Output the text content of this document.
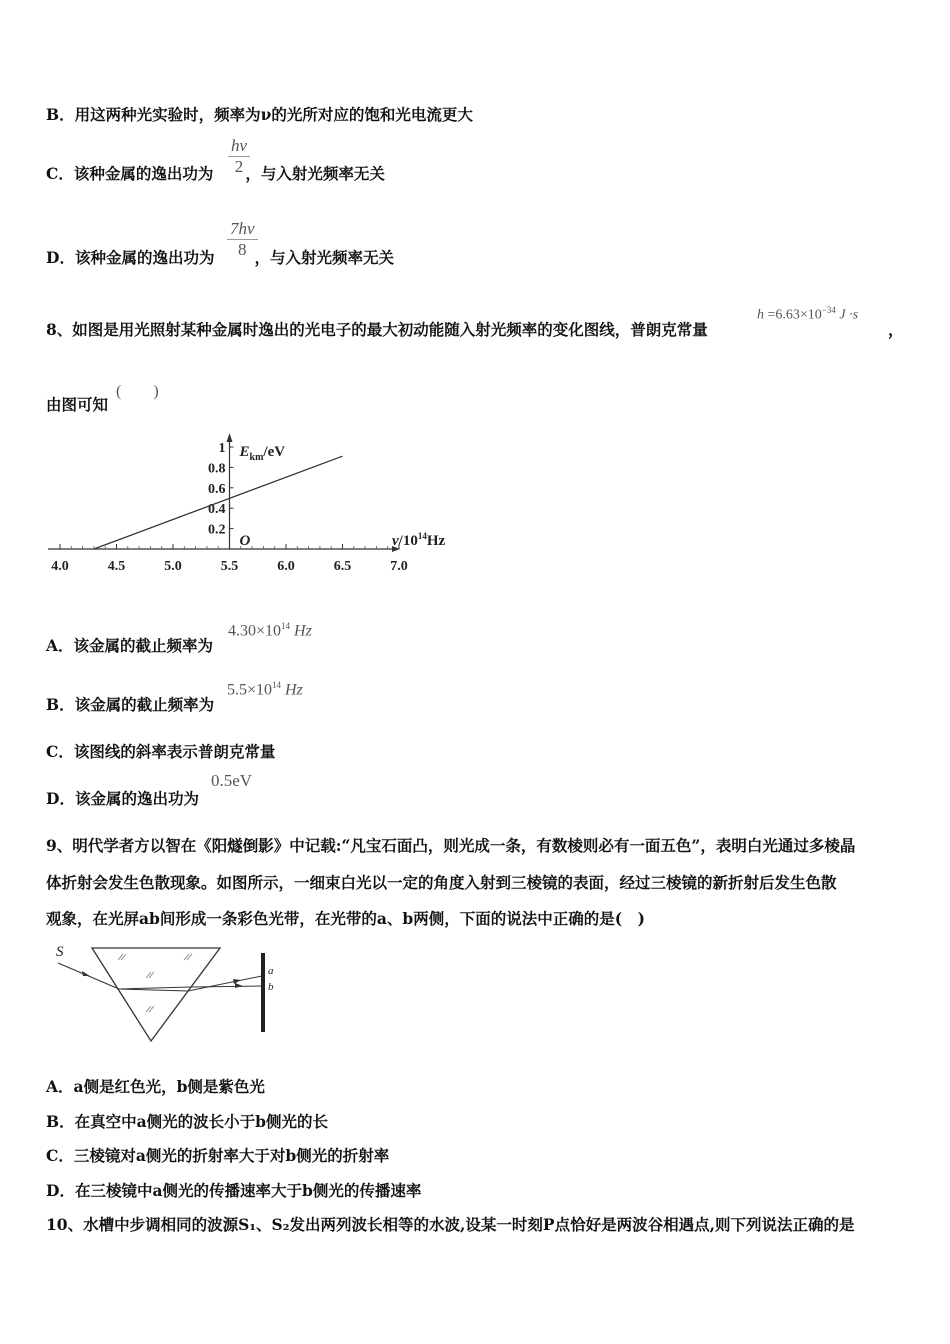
B．用这两种光实验时，频率为ν的光所对应的饱和光电流更大
C．该种金属的逸出功为 ，与入射光频率无关
hν
2
D．该种金属的逸出功为	，与入射光频率无关
7hν
8
8、如图是用光照射某种金属时逸出的光电子的最大初动能随入射光频率的变化图线，普朗克常量
$h =6.63\times 10^{-34}$ J ·s
，
由图可知
(　　)
4.0	4.5	5.0	5.5	6.0	6.5	7.0
0.2
0.4
0.6
0.8
1
O
$E_{km}/eV$
$\nu/10^{14}Hz$
A．该金属的截止频率为
$4.30\times 10^{14}$ Hz
B．该金属的截止频率为
$5.5\times 10^{14}$ Hz
C．该图线的斜率表示普朗克常量
D．该金属的逸出功为
0.5eV
9、明代学者方以智在《阳燧倒影》中记载:“凡宝石面凸，则光成一条，有数棱则必有一面五色”，表明白光通过多棱晶
体折射会发生色散现象。如图所示，一细束白光以一定的角度入射到三棱镜的表面，经过三棱镜的新折射后发生色散
观象，在光屏ab间形成一条彩色光带，在光带的a、b两侧，下面的说法中正确的是(　)
S
a
b
A．a侧是红色光，b侧是紫色光
B．在真空中a侧光的波长小于b侧光的长
C．三棱镜对a侧光的折射率大于对b侧光的折射率
D．在三棱镜中a侧光的传播速率大于b侧光的传播速率
10、水槽中步调相同的波源S₁、S₂发出两列波长相等的水波,设某一时刻P点恰好是两波谷相遇点,则下列说法正确的是
